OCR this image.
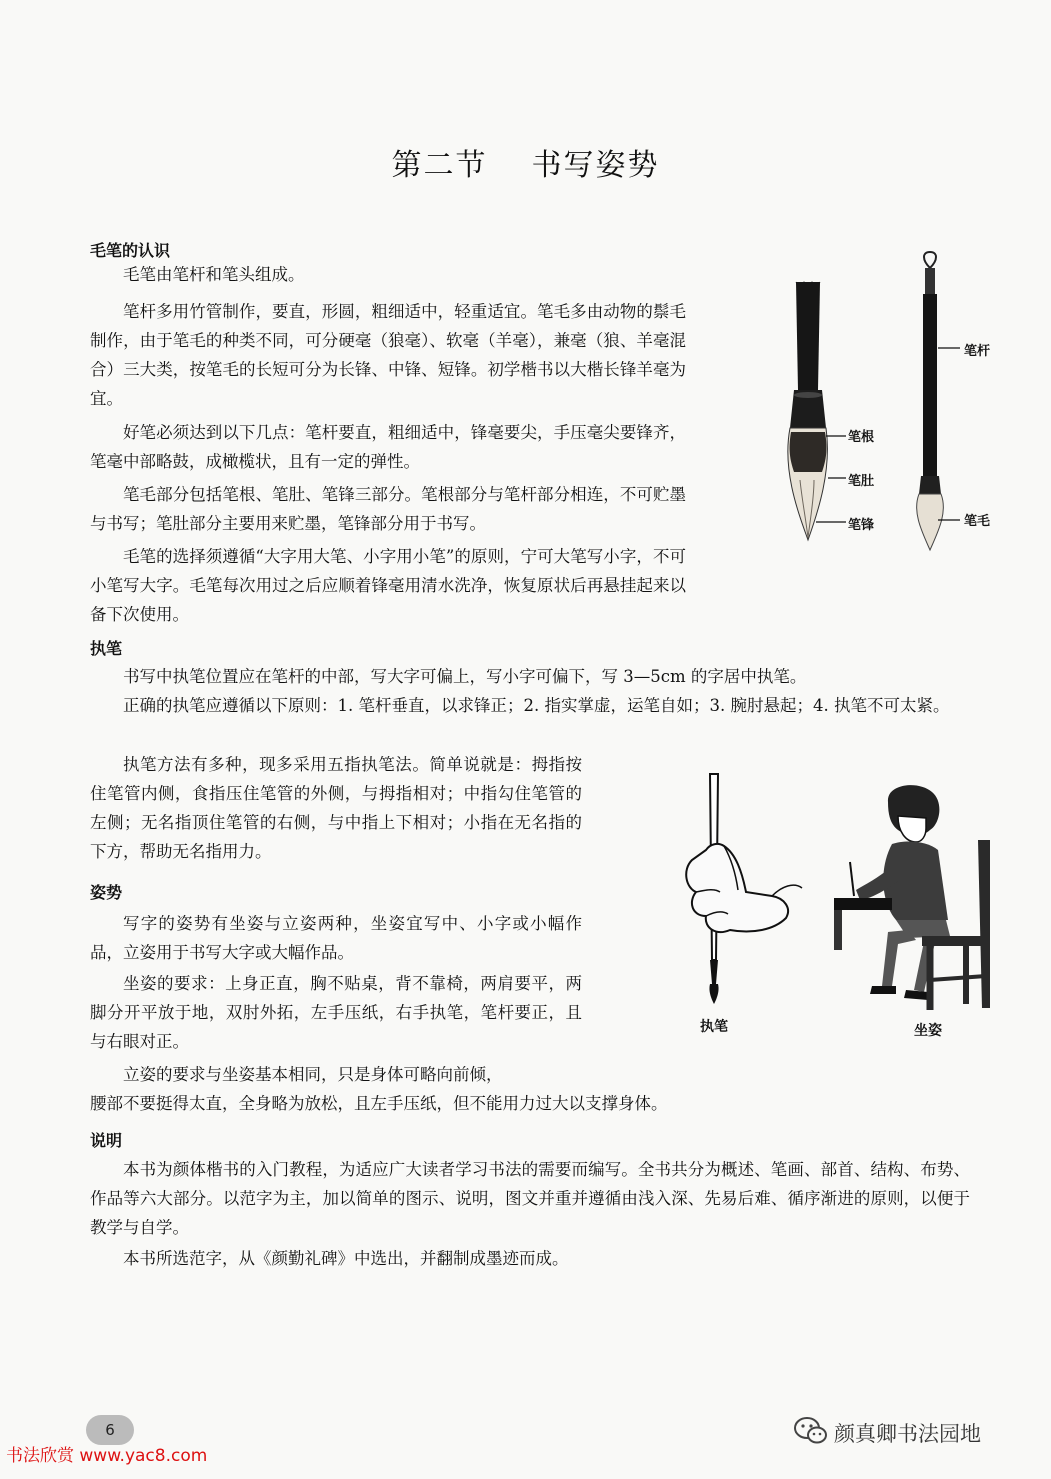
第二节 书写姿势
毛笔的认识

毛笔由笔杆和笔头组成。

笔杆多用竹管制作，要直，形圆，粗细适中，轻重适宜。笔毛多由动物的鬃毛制作，由于笔毛的种类不同，可分硬毫（狼毫）、软毫（羊毫），兼毫（狼、羊毫混合）三大类，按笔毛的长短可分为长锋、中锋、短锋。初学楷书以大楷长锋羊毫为宜。

好笔必须达到以下几点：笔杆要直，粗细适中，锋毫要尖，手压毫尖要锋齐，笔毫中部略鼓，成橄榄状，且有一定的弹性。

笔毛部分包括笔根、笔肚、笔锋三部分。笔根部分与笔杆部分相连，不可贮墨与书写；笔肚部分主要用来贮墨，笔锋部分用于书写。

毛笔的选择须遵循“大字用大笔、小字用小笔”的原则，宁可大笔写小字，不可小笔写大字。毛笔每次用过之后应顺着锋毫用清水洗净，恢复原状后再悬挂起来以备下次使用。

笔根
笔肚
笔锋
笔杆
笔毛
执笔

书写中执笔位置应在笔杆的中部，写大字可偏上，写小字可偏下，写 3—5cm 的字居中执笔。

正确的执笔应遵循以下原则：1. 笔杆垂直，以求锋正；2. 指实掌虚，运笔自如；3. 腕肘悬起；4. 执笔不可太紧。

执笔方法有多种，现多采用五指执笔法。简单说就是：拇指按住笔管内侧，食指压住笔管的外侧，与拇指相对；中指勾住笔管的左侧；无名指顶住笔管的右侧，与中指上下相对；小指在无名指的下方，帮助无名指用力。

姿势

写字的姿势有坐姿与立姿两种，坐姿宜写中、小字或小幅作品，立姿用于书写大字或大幅作品。

坐姿的要求：上身正直，胸不贴桌，背不靠椅，两肩要平，两脚分开平放于地，双肘外拓，左手压纸，右手执笔，笔杆要正，且与右眼对正。

立姿的要求与坐姿基本相同，只是身体可略向前倾，

腰部不要挺得太直，全身略为放松，且左手压纸，但不能用力过大以支撑身体。

执笔	坐姿
说明

本书为颜体楷书的入门教程，为适应广大读者学习书法的需要而编写。全书共分为概述、笔画、部首、结构、布势、作品等六大部分。以范字为主，加以简单的图示、说明，图文并重并遵循由浅入深、先易后难、循序渐进的原则，以便于教学与自学。

本书所选范字，从《颜勤礼碑》中选出，并翻制成墨迹而成。

6
书法欣赏 www.yac8.com
颜真卿书法园地
